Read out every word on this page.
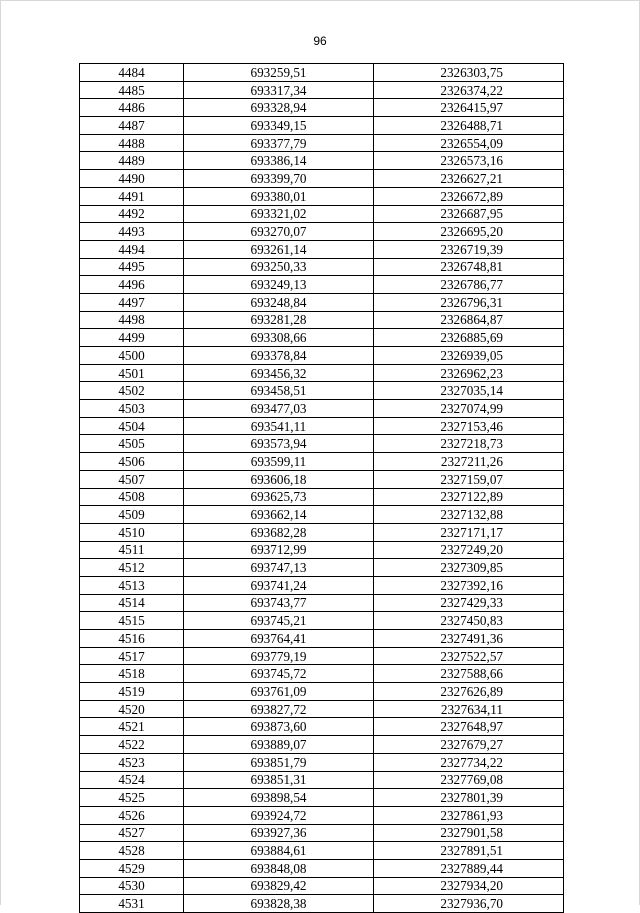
96
4484	693259,51	2326303,75
4485	693317,34	2326374,22
4486	693328,94	2326415,97
4487	693349,15	2326488,71
4488	693377,79	2326554,09
4489	693386,14	2326573,16
4490	693399,70	2326627,21
4491	693380,01	2326672,89
4492	693321,02	2326687,95
4493	693270,07	2326695,20
4494	693261,14	2326719,39
4495	693250,33	2326748,81
4496	693249,13	2326786,77
4497	693248,84	2326796,31
4498	693281,28	2326864,87
4499	693308,66	2326885,69
4500	693378,84	2326939,05
4501	693456,32	2326962,23
4502	693458,51	2327035,14
4503	693477,03	2327074,99
4504	693541,11	2327153,46
4505	693573,94	2327218,73
4506	693599,11	2327211,26
4507	693606,18	2327159,07
4508	693625,73	2327122,89
4509	693662,14	2327132,88
4510	693682,28	2327171,17
4511	693712,99	2327249,20
4512	693747,13	2327309,85
4513	693741,24	2327392,16
4514	693743,77	2327429,33
4515	693745,21	2327450,83
4516	693764,41	2327491,36
4517	693779,19	2327522,57
4518	693745,72	2327588,66
4519	693761,09	2327626,89
4520	693827,72	2327634,11
4521	693873,60	2327648,97
4522	693889,07	2327679,27
4523	693851,79	2327734,22
4524	693851,31	2327769,08
4525	693898,54	2327801,39
4526	693924,72	2327861,93
4527	693927,36	2327901,58
4528	693884,61	2327891,51
4529	693848,08	2327889,44
4530	693829,42	2327934,20
4531	693828,38	2327936,70
